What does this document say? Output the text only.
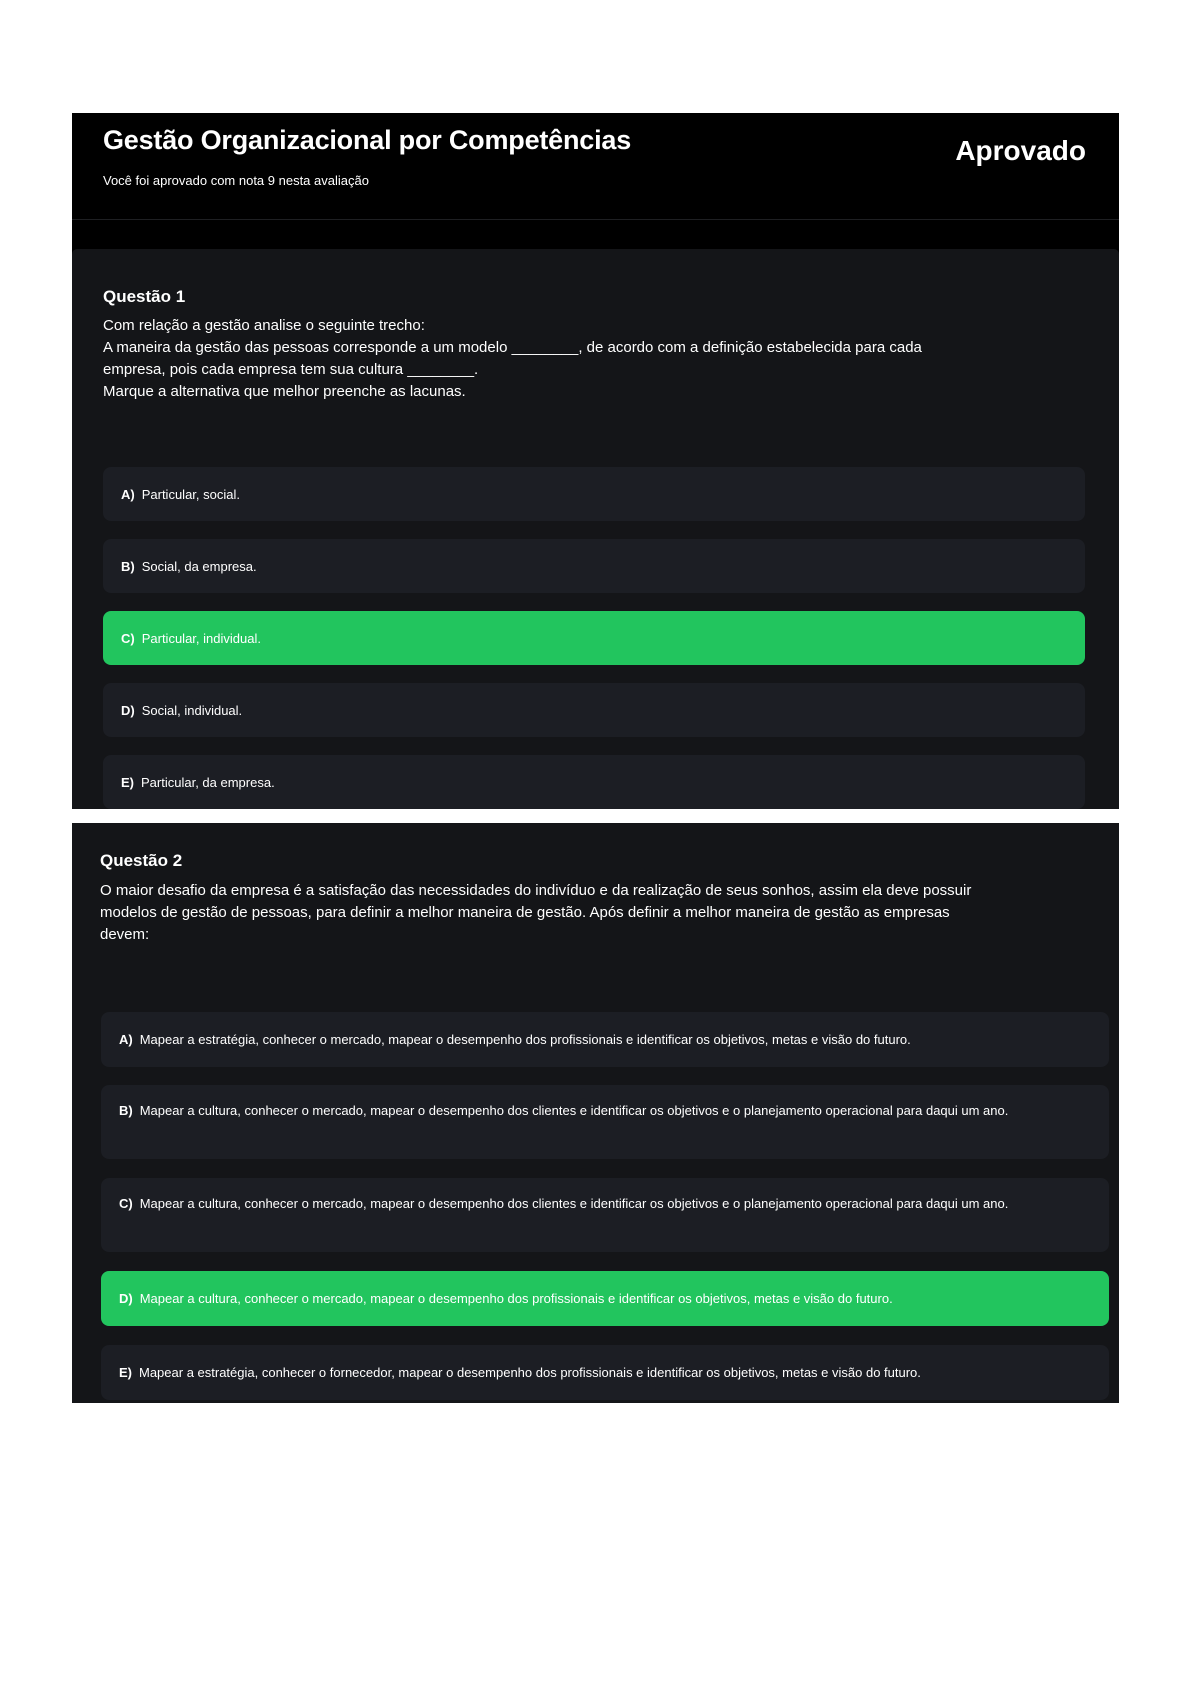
Gestão Organizacional por Competências
Você foi aprovado com nota 9 nesta avaliação
Aprovado
Questão 1
Com relação a gestão analise o seguinte trecho:
A maneira da gestão das pessoas corresponde a um modelo ________, de acordo com a definição estabelecida para cada
empresa, pois cada empresa tem sua cultura ________.
Marque a alternativa que melhor preenche as lacunas.
A) Particular, social.
B) Social, da empresa.
C) Particular, individual.
D) Social, individual.
E) Particular, da empresa.
Questão 2
O maior desafio da empresa é a satisfação das necessidades do indivíduo e da realização de seus sonhos, assim ela deve possuir
modelos de gestão de pessoas, para definir a melhor maneira de gestão. Após definir a melhor maneira de gestão as empresas
devem:
A) Mapear a estratégia, conhecer o mercado, mapear o desempenho dos profissionais e identificar os objetivos, metas e visão do futuro.
B) Mapear a cultura, conhecer o mercado, mapear o desempenho dos clientes e identificar os objetivos e o planejamento operacional para daqui um ano.
C) Mapear a cultura, conhecer o mercado, mapear o desempenho dos clientes e identificar os objetivos e o planejamento operacional para daqui um ano.
D) Mapear a cultura, conhecer o mercado, mapear o desempenho dos profissionais e identificar os objetivos, metas e visão do futuro.
E) Mapear a estratégia, conhecer o fornecedor, mapear o desempenho dos profissionais e identificar os objetivos, metas e visão do futuro.
